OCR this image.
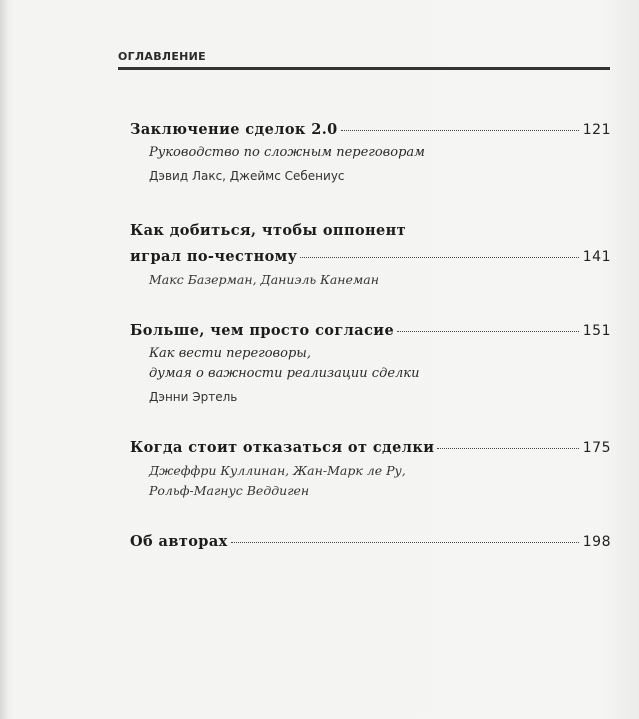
ОГЛАВЛЕНИЕ
Заключение сделок 2.0	121
Руководство по сложным переговорам
Дэвид Лакс, Джеймс Себениус
Как добиться, чтобы оппонент
играл по-честному	141
Макс Базерман, Даниэль Канеман
Больше, чем просто согласие	151
Как вести переговоры,
думая о важности реализации сделки
Дэнни Эртель
Когда стоит отказаться от сделки	175
Джеффри Куллинан, Жан-Марк ле Ру,
Рольф-Магнус Веддиген
Об авторах	198
